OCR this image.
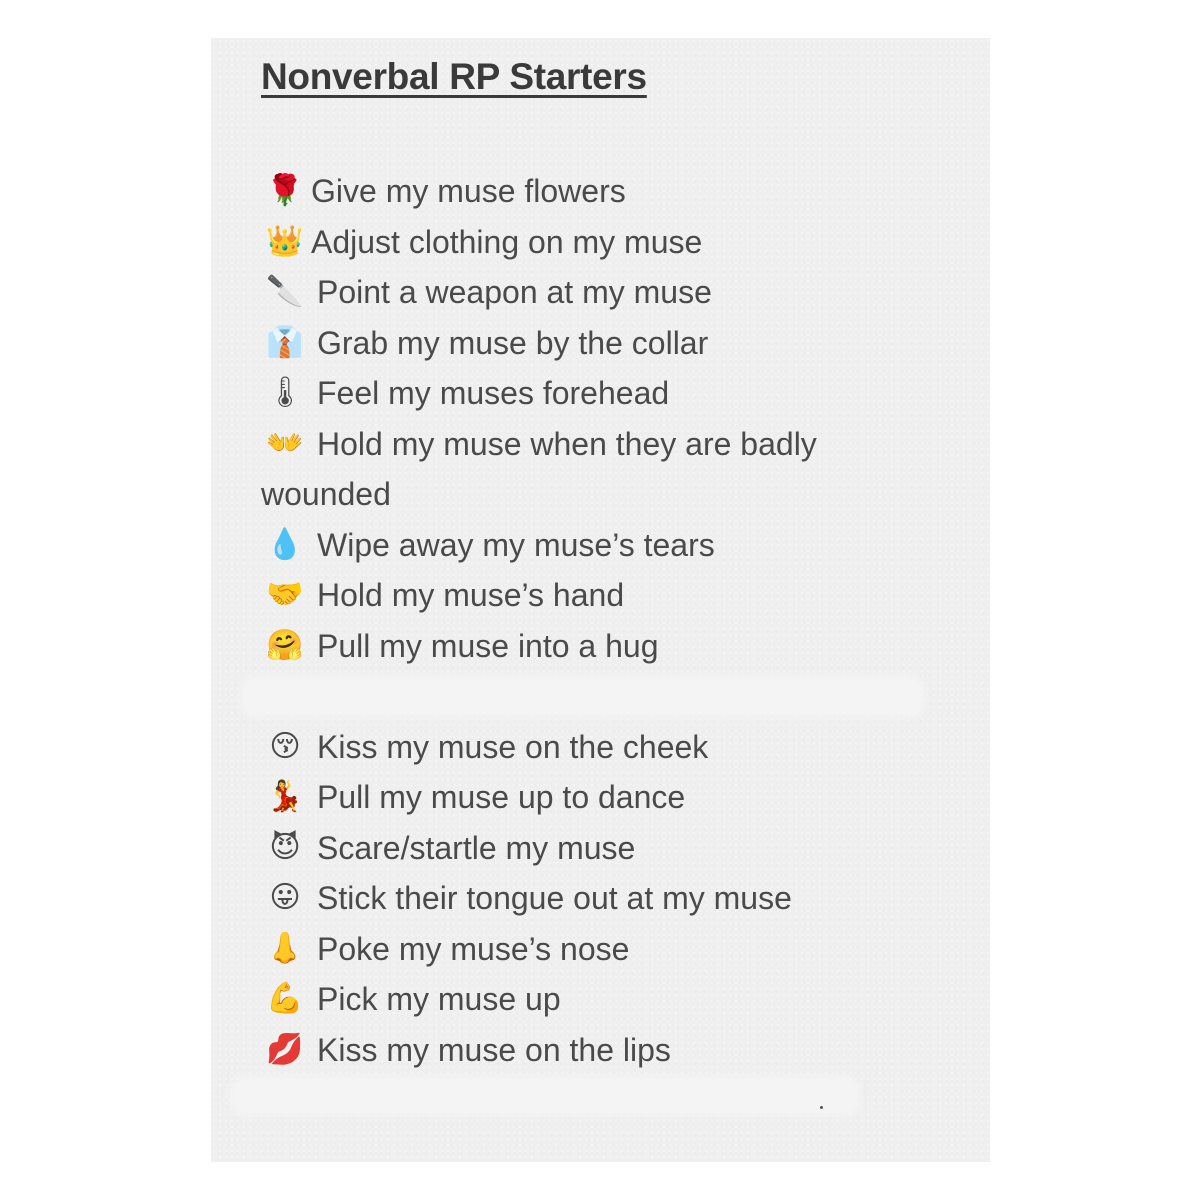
Nonverbal RP Starters
🌹 Give my muse flowers
👑 Adjust clothing on my muse
🔪 Point a weapon at my muse
👔 Grab my muse by the collar
🌡 Feel my muses forehead
👐 Hold my muse when they are badly wounded
💧 Wipe away my muse’s tears
🤝 Hold my muse’s hand
🤗 Pull my muse into a hug
😚 Kiss my muse on the cheek
💃 Pull my muse up to dance
😈 Scare/startle my muse
😛 Stick their tongue out at my muse
👃 Poke my muse’s nose
💪 Pick my muse up
💋 Kiss my muse on the lips
